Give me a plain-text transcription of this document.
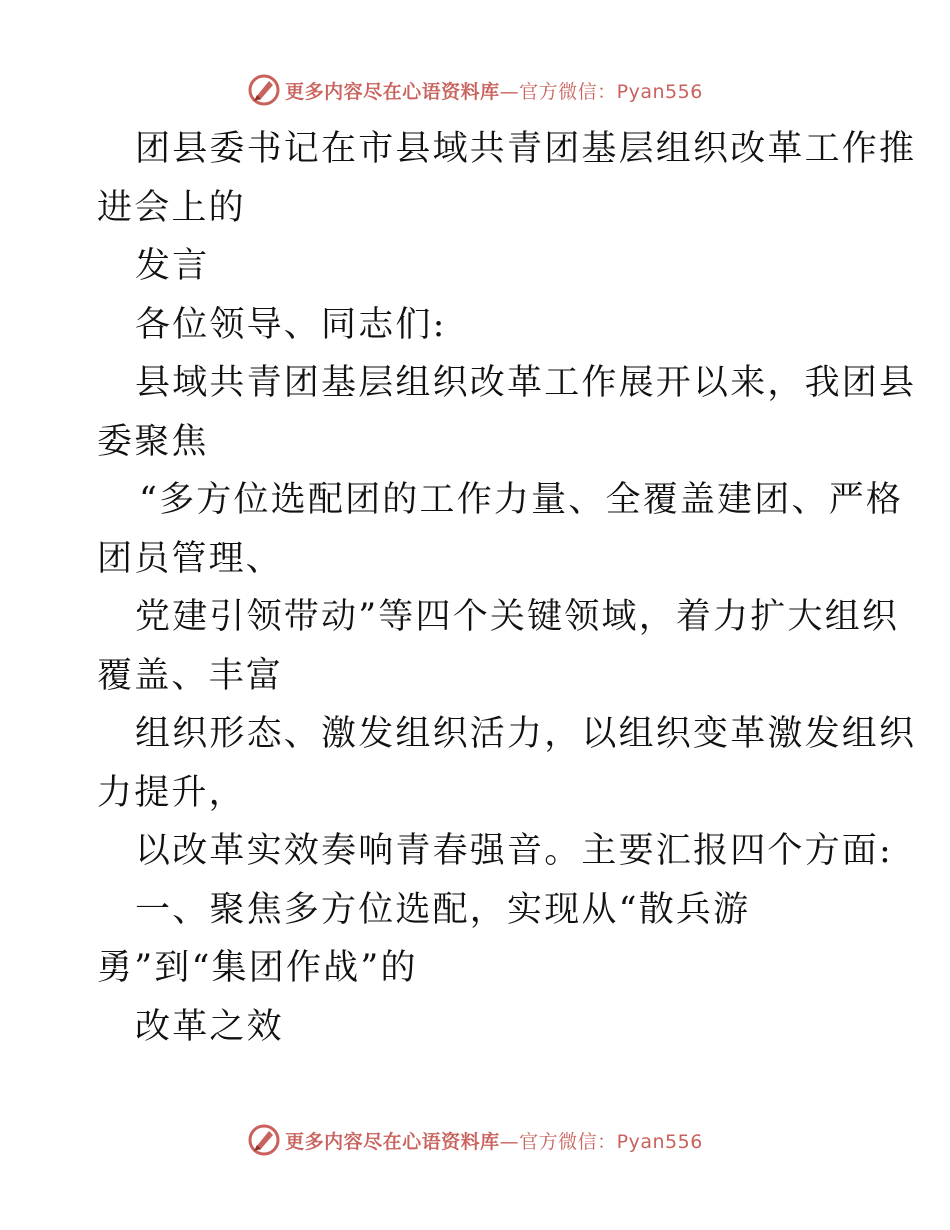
更多内容尽在心语资料库—官方微信：Pyan556
团县委书记在市县域共青团基层组织改革工作推
进会上的
发言
各位领导、同志们:
县域共青团基层组织改革工作展开以来，我团县
委聚焦
“多方位选配团的工作力量、全覆盖建团、严格
团员管理、
党建引领带动”等四个关键领域，着力扩大组织
覆盖、丰富
组织形态、激发组织活力，以组织变革激发组织
力提升，
以改革实效奏响青春强音。主要汇报四个方面:
一、聚焦多方位选配，实现从“散兵游
勇”到“集团作战”的
改革之效
更多内容尽在心语资料库—官方微信：Pyan556
